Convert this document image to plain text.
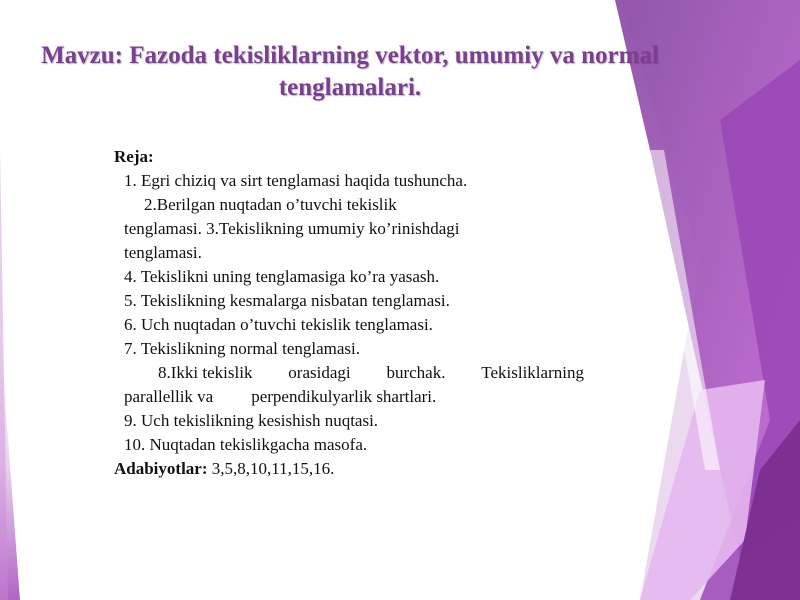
Mavzu: Fazoda tekisliklarning vektor, umumiy va normal
tenglamalari.
Reja:
1. Egri chiziq va sirt tenglamasi haqida tushuncha.
2.Berilgan nuqtadan o’tuvchi tekislik
tenglamasi. 3.Tekislikning umumiy ko’rinishdagi
tenglamasi.
4. Tekislikni uning tenglamasiga ko’ra yasash.
5. Tekislikning kesmalarga nisbatan tenglamasi.
6. Uch nuqtadan o’tuvchi tekislik tenglamasi.
7. Tekislikning normal tenglamasi.
8.Ikki tekislik orasidagi burchak. Tekisliklarning
parallellik va perpendikulyarlik shartlari.
9. Uch tekislikning kesishish nuqtasi.
10. Nuqtadan tekislikgacha masofa.
Adabiyotlar: 3,5,8,10,11,15,16.
